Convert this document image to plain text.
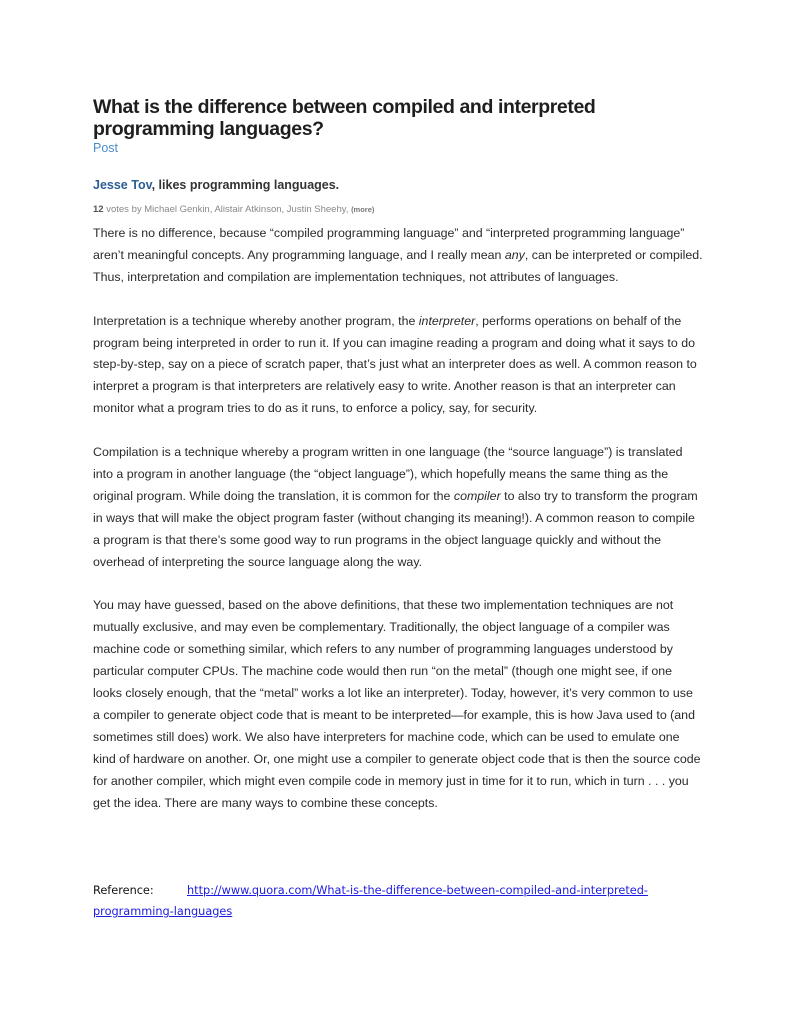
What is the difference between compiled and interpreted programming languages?
Post
Jesse Tov, likes programming languages.
12 votes by Michael Genkin, Alistair Atkinson, Justin Sheehy, (more)

There is no difference, because “compiled programming language” and “interpreted programming language” aren’t meaningful concepts. Any programming language, and I really mean any, can be interpreted or compiled. Thus, interpretation and compilation are implementation techniques, not attributes of languages.

Interpretation is a technique whereby another program, the interpreter, performs operations on behalf of the program being interpreted in order to run it. If you can imagine reading a program and doing what it says to do step-by-step, say on a piece of scratch paper, that’s just what an interpreter does as well. A common reason to interpret a program is that interpreters are relatively easy to write. Another reason is that an interpreter can monitor what a program tries to do as it runs, to enforce a policy, say, for security.

Compilation is a technique whereby a program written in one language (the “source language”) is translated into a program in another language (the “object language”), which hopefully means the same thing as the original program. While doing the translation, it is common for the compiler to also try to transform the program in ways that will make the object program faster (without changing its meaning!). A common reason to compile a program is that there’s some good way to run programs in the object language quickly and without the overhead of interpreting the source language along the way.

You may have guessed, based on the above definitions, that these two implementation techniques are not mutually exclusive, and may even be complementary. Traditionally, the object language of a compiler was machine code or something similar, which refers to any number of programming languages understood by particular computer CPUs. The machine code would then run “on the metal” (though one might see, if one looks closely enough, that the “metal” works a lot like an interpreter). Today, however, it’s very common to use a compiler to generate object code that is meant to be interpreted—for example, this is how Java used to (and sometimes still does) work. We also have interpreters for machine code, which can be used to emulate one kind of hardware on another. Or, one might use a compiler to generate object code that is then the source code for another compiler, which might even compile code in memory just in time for it to run, which in turn . . . you get the idea. There are many ways to combine these concepts.

Reference:	http://www.quora.com/What-is-the-difference-between-compiled-and-interpreted-programming-languages
